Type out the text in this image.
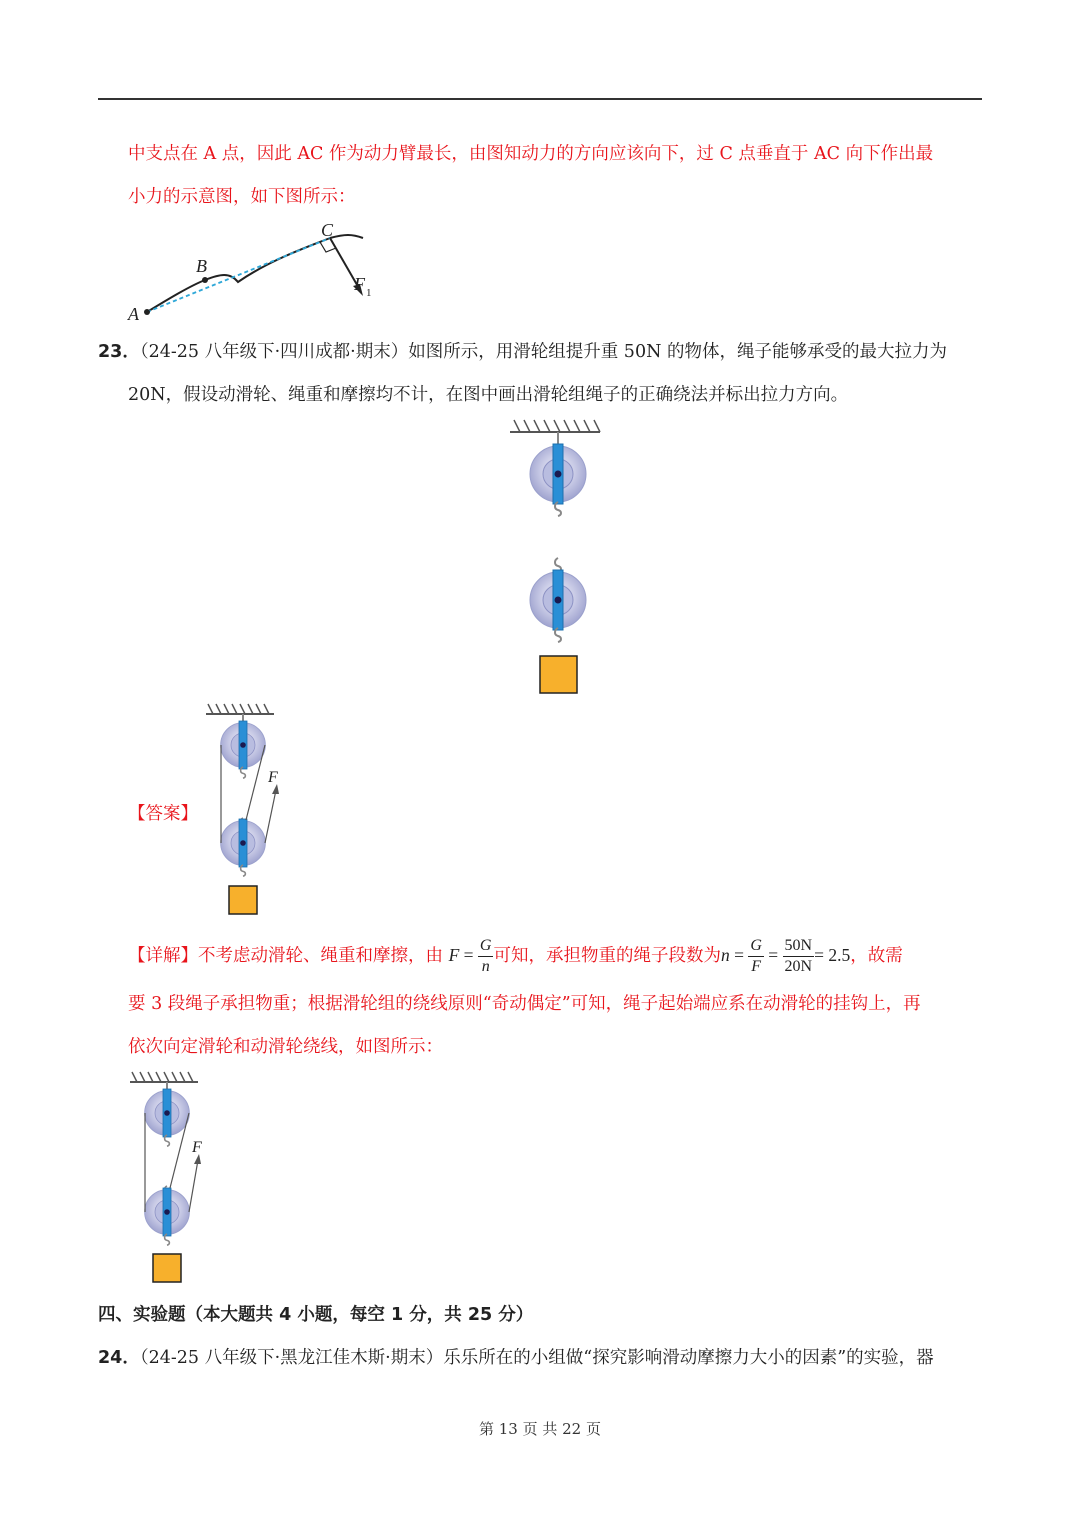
中支点在 A 点，因此 AC 作为动力臂最长，由图知动力的方向应该向下，过 C 点垂直于 AC 向下作出最
小力的示意图，如下图所示：
A
B
C
F 1
23．（24-25 八年级下·四川成都·期末）如图所示，用滑轮组提升重 50N 的物体，绳子能够承受的最大拉力为
20N，假设动滑轮、绳重和摩擦均不计，在图中画出滑轮组绳子的正确绕法并标出拉力方向。
【答案】
F
【详解】不考虑动滑轮、绳重和摩擦，由 $F = \frac{G}{n}$ 可知，承担物重的绳子段数为$n = \frac{G}{F} = \frac{50N}{20N} = 2.5$，故需
要 3 段绳子承担物重；根据滑轮组的绕线原则“奇动偶定”可知，绳子起始端应系在动滑轮的挂钩上，再
依次向定滑轮和动滑轮绕线，如图所示：
F
四、实验题（本大题共 4 小题，每空 1 分，共 25 分）
24．（24-25 八年级下·黑龙江佳木斯·期末）乐乐所在的小组做“探究影响滑动摩擦力大小的因素”的实验，器
第 13 页 共 22 页
